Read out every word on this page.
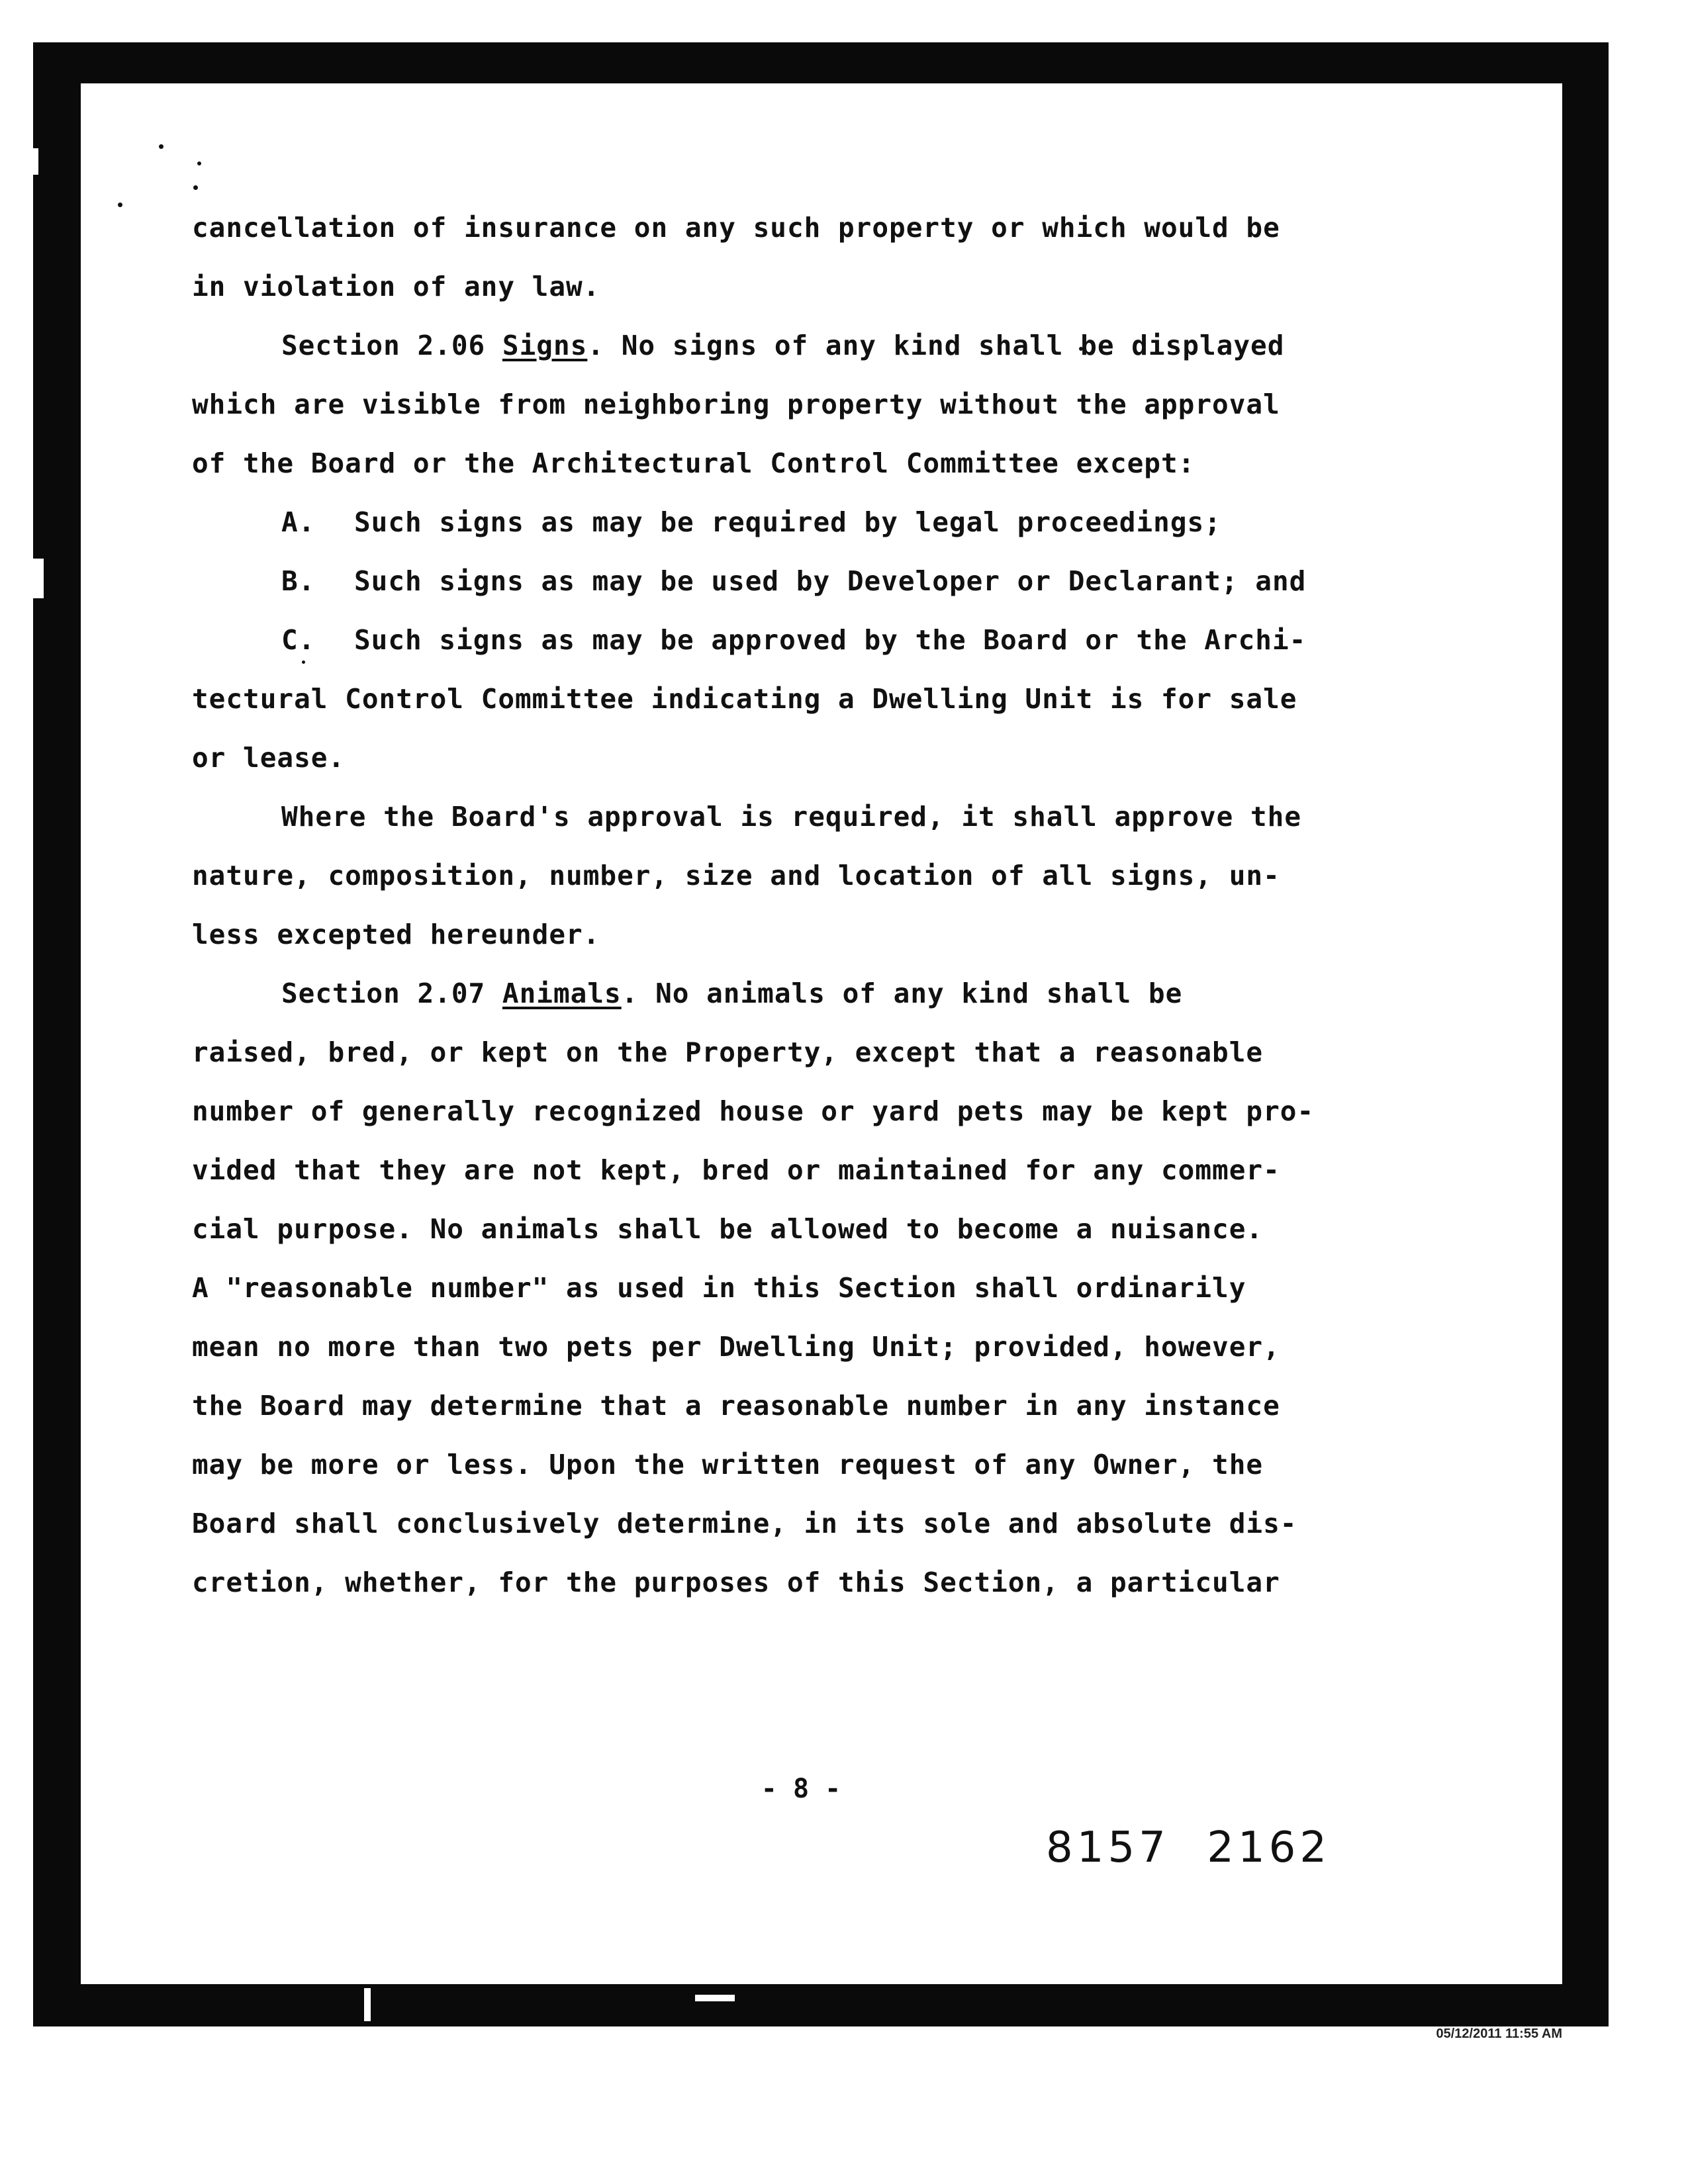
cancellation of insurance on any such property or which would be
in violation of any law.
Section 2.06 Signs. No signs of any kind shall be displayed
which are visible from neighboring property without the approval
of the Board or the Architectural Control Committee except:
A. Such signs as may be required by legal proceedings;
B. Such signs as may be used by Developer or Declarant; and
C. Such signs as may be approved by the Board or the Archi-
tectural Control Committee indicating a Dwelling Unit is for sale
or lease.
Where the Board's approval is required, it shall approve the
nature, composition, number, size and location of all signs, un-
less excepted hereunder.
Section 2.07 Animals. No animals of any kind shall be
raised, bred, or kept on the Property, except that a reasonable
number of generally recognized house or yard pets may be kept pro-
vided that they are not kept, bred or maintained for any commer-
cial purpose. No animals shall be allowed to become a nuisance.
A "reasonable number" as used in this Section shall ordinarily
mean no more than two pets per Dwelling Unit; provided, however,
the Board may determine that a reasonable number in any instance
may be more or less. Upon the written request of any Owner, the
Board shall conclusively determine, in its sole and absolute dis-
cretion, whether, for the purposes of this Section, a particular
- 8 -
8157 2162
05/12/2011 11:55 AM
